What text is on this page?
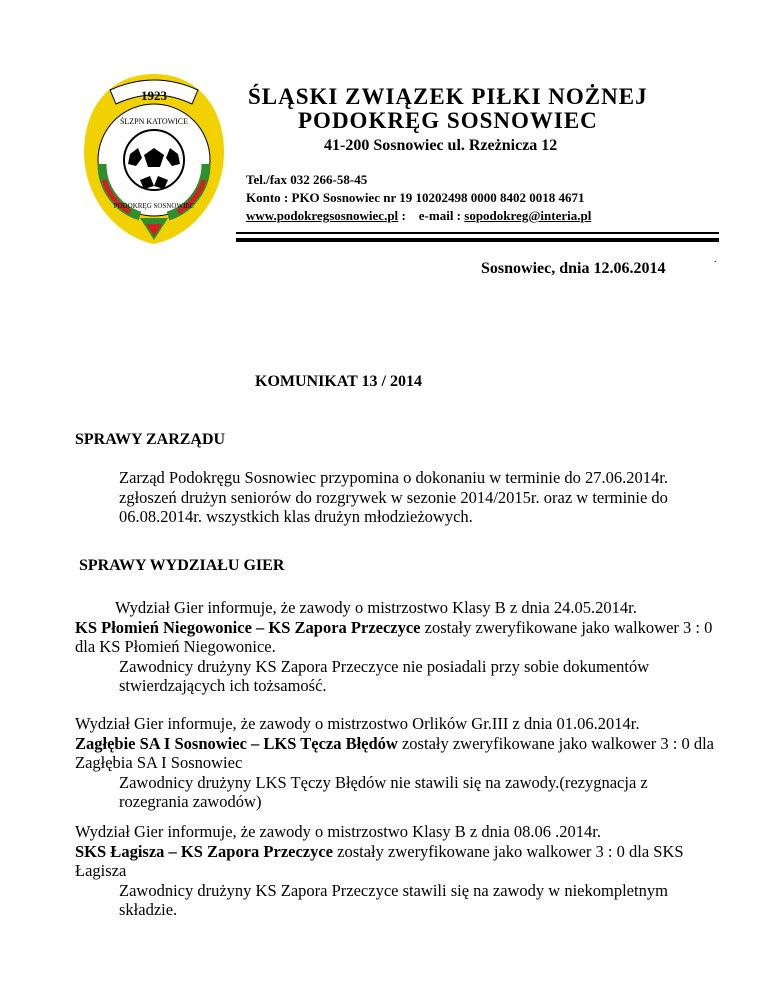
1923
ŚLZPN KATOWICE
PODOKRĘG SOSNOWIEC
ŚLĄSKI ZWIĄZEK PIŁKI NOŻNEJ
PODOKRĘG SOSNOWIEC
41-200 Sosnowiec ul. Rzeżnicza 12
Tel./fax 032 266-58-45
Konto : PKO Sosnowiec nr 19 10202498 0000 8402 0018 4671
www.podokregsosnowiec.pl : e-mail : sopodokreg@interia.pl
.
Sosnowiec, dnia 12.06.2014
KOMUNIKAT 13 / 2014
SPRAWY ZARZĄDU

Zarząd Podokręgu Sosnowiec przypomina o dokonaniu w terminie do 27.06.2014r. zgłoszeń drużyn seniorów do rozgrywek w sezonie 2014/2015r. oraz w terminie do 06.08.2014r. wszystkich klas drużyn młodzieżowych.

SPRAWY WYDZIAŁU GIER

Wydział Gier informuje, że zawody o mistrzostwo Klasy B z dnia 24.05.2014r.

KS Płomień Niegowonice – KS Zapora Przeczyce zostały zweryfikowane jako walkower 3 : 0 dla KS Płomień Niegowonice.

Zawodnicy drużyny KS Zapora Przeczyce nie posiadali przy sobie dokumentów stwierdzających ich tożsamość.

Wydział Gier informuje, że zawody o mistrzostwo Orlików Gr.III z dnia 01.06.2014r.

Zagłębie SA I Sosnowiec – LKS Tęcza Błędów zostały zweryfikowane jako walkower 3 : 0 dla Zagłębia SA I Sosnowiec

Zawodnicy drużyny LKS Tęczy Błędów nie stawili się na zawody.(rezygnacja z rozegrania zawodów)

Wydział Gier informuje, że zawody o mistrzostwo Klasy B z dnia 08.06 .2014r.

SKS Łagisza – KS Zapora Przeczyce zostały zweryfikowane jako walkower 3 : 0 dla SKS Łagisza

Zawodnicy drużyny KS Zapora Przeczyce stawili się na zawody w niekompletnym składzie.
